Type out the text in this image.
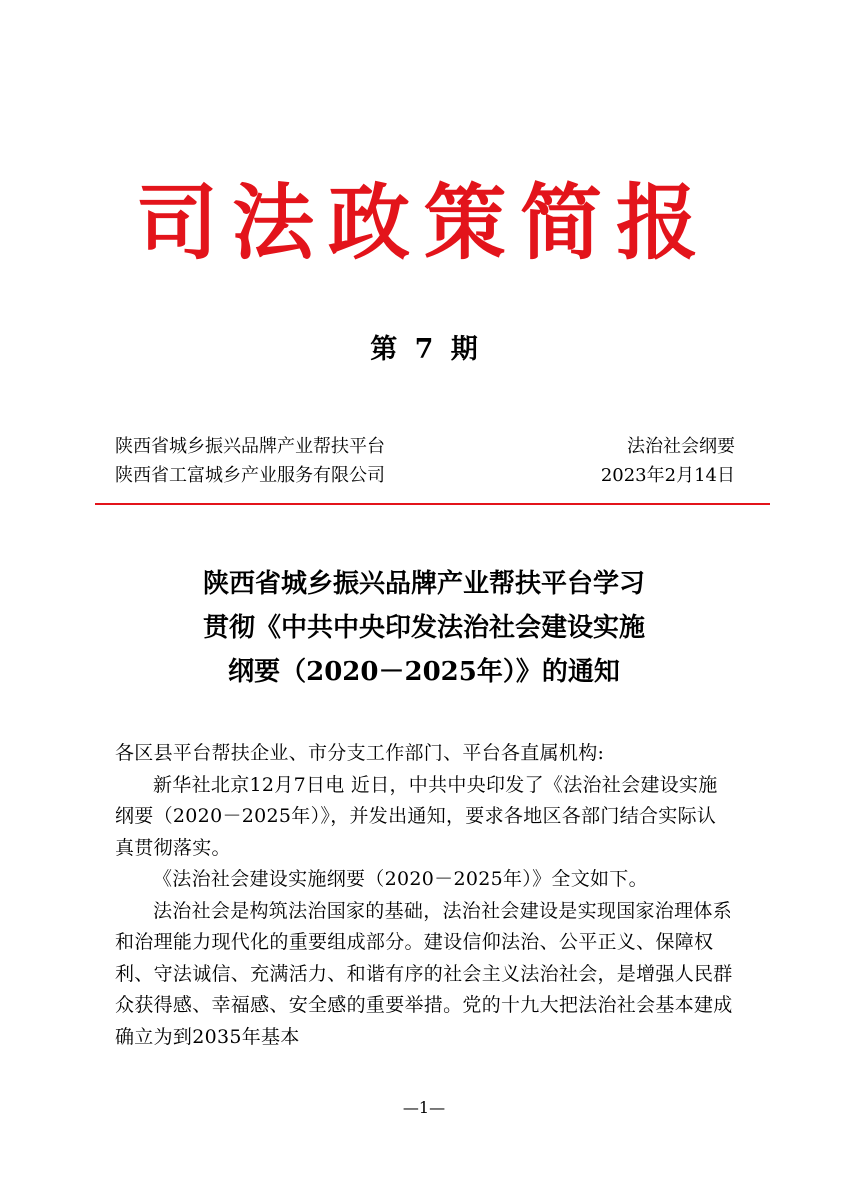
司法政策简报
第 7 期
陕西省城乡振兴品牌产业帮扶平台	法治社会纲要
陕西省工富城乡产业服务有限公司	2023年2月14日
陕西省城乡振兴品牌产业帮扶平台学习
贯彻《中共中央印发法治社会建设实施
纲要（2020－2025年）》的通知

各区县平台帮扶企业、市分支工作部门、平台各直属机构:

新华社北京12月7日电 近日，中共中央印发了《法治社会建设实施纲要（2020－2025年）》，并发出通知，要求各地区各部门结合实际认真贯彻落实。

《法治社会建设实施纲要（2020－2025年）》全文如下。

法治社会是构筑法治国家的基础，法治社会建设是实现国家治理体系和治理能力现代化的重要组成部分。建设信仰法治、公平正义、保障权利、守法诚信、充满活力、和谐有序的社会主义法治社会，是增强人民群众获得感、幸福感、安全感的重要举措。党的十九大把法治社会基本建成确立为到2035年基本

—1—
